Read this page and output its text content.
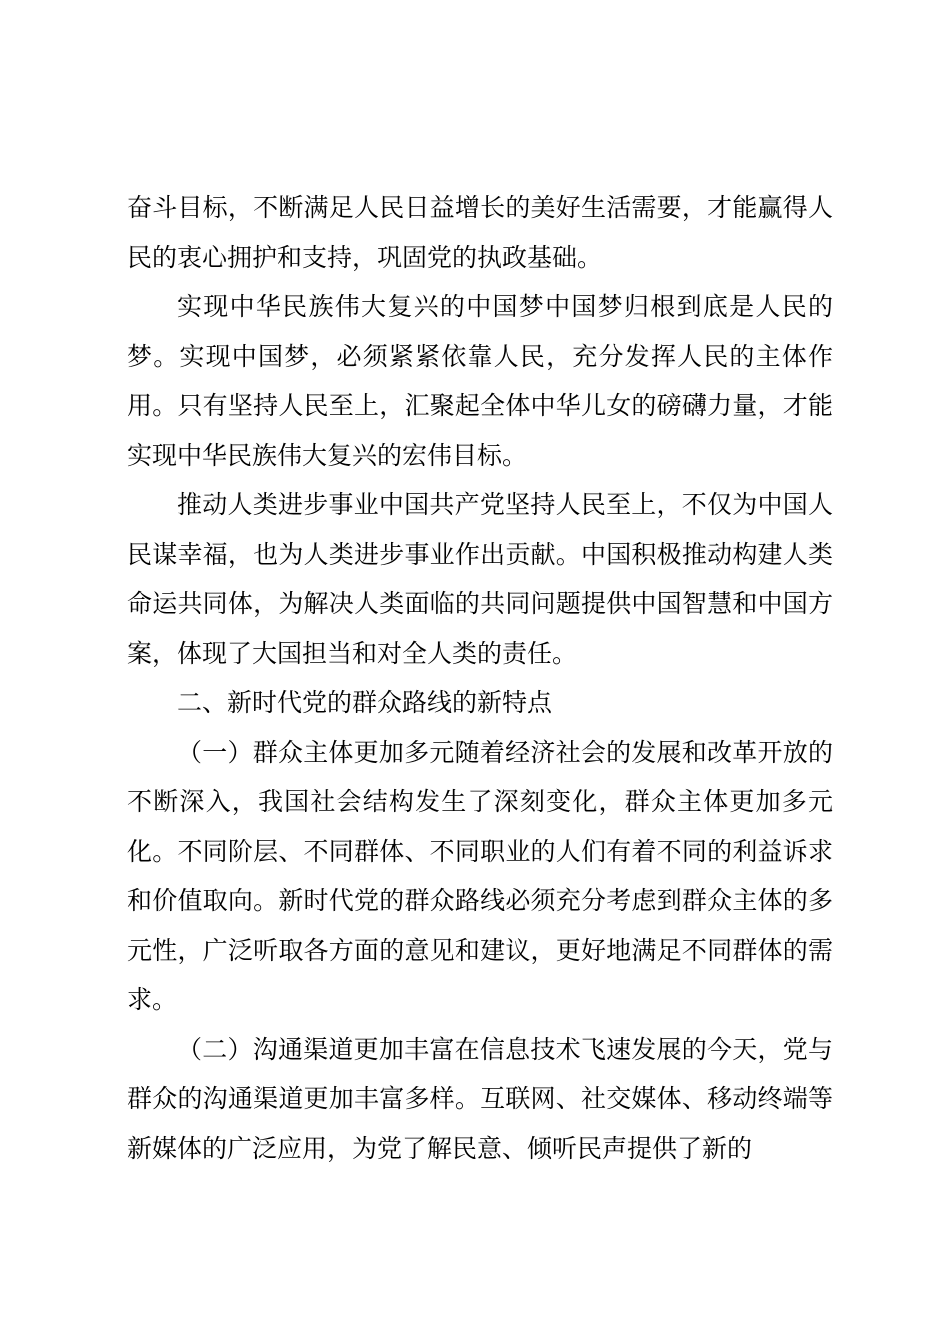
奋斗目标，不断满足人民日益增长的美好生活需要，才能赢得人民的衷心拥护和支持，巩固党的执政基础。

实现中华民族伟大复兴的中国梦中国梦归根到底是人民的梦。实现中国梦，必须紧紧依靠人民，充分发挥人民的主体作用。只有坚持人民至上，汇聚起全体中华儿女的磅礴力量，才能实现中华民族伟大复兴的宏伟目标。

推动人类进步事业中国共产党坚持人民至上，不仅为中国人民谋幸福，也为人类进步事业作出贡献。中国积极推动构建人类命运共同体，为解决人类面临的共同问题提供中国智慧和中国方案，体现了大国担当和对全人类的责任。

二、新时代党的群众路线的新特点

（一）群众主体更加多元随着经济社会的发展和改革开放的不断深入，我国社会结构发生了深刻变化，群众主体更加多元化。不同阶层、不同群体、不同职业的人们有着不同的利益诉求和价值取向。新时代党的群众路线必须充分考虑到群众主体的多元性，广泛听取各方面的意见和建议，更好地满足不同群体的需求。

（二）沟通渠道更加丰富在信息技术飞速发展的今天，党与群众的沟通渠道更加丰富多样。互联网、社交媒体、移动终端等新媒体的广泛应用，为党了解民意、倾听民声提供了新的
